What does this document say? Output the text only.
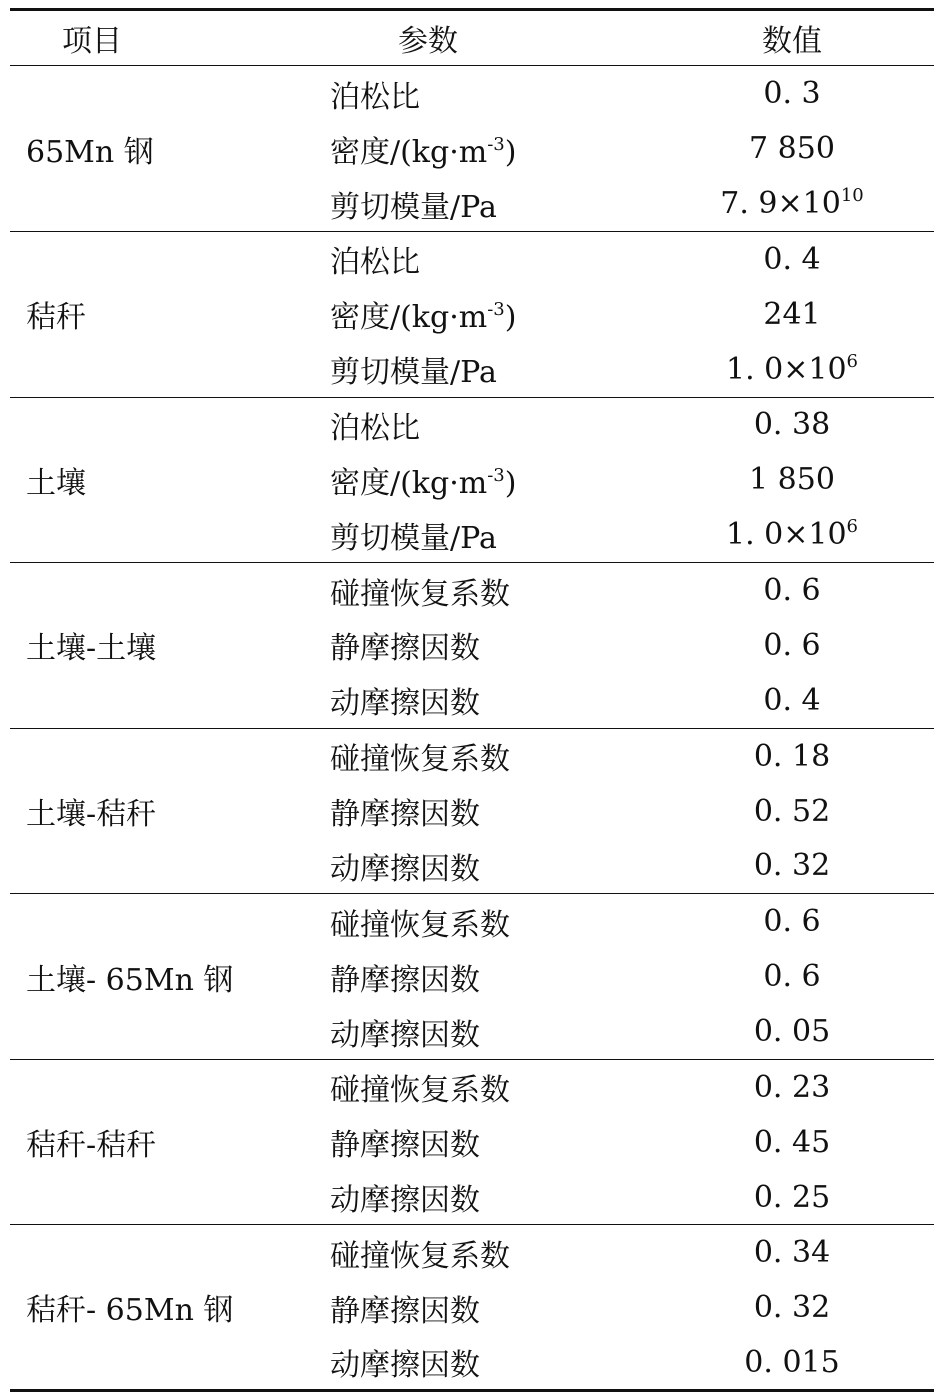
项目	参数	数值
65Mn 钢	泊松比	0. 3
	密度$/(kg\cdot m^{-3})$	7 850
	剪切模量/Pa	7. $9\times 10^{10}$
秸秆	泊松比	0. 4
	密度$/(kg\cdot m^{-3})$	241
	剪切模量/Pa	1. $0\times 10^6$
土壤	泊松比	0. 38
	密度$/(kg\cdot m^{-3})$	1 850
	剪切模量/Pa	1. $0\times 10^6$
土壤-土壤	碰撞恢复系数	0. 6
	静摩擦因数	0. 6
	动摩擦因数	0. 4
土壤-秸秆	碰撞恢复系数	0. 18
	静摩擦因数	0. 52
	动摩擦因数	0. 32
土壤- 65Mn 钢	碰撞恢复系数	0. 6
	静摩擦因数	0. 6
	动摩擦因数	0. 05
秸秆-秸秆	碰撞恢复系数	0. 23
	静摩擦因数	0. 45
	动摩擦因数	0. 25
秸秆- 65Mn 钢	碰撞恢复系数	0. 34
	静摩擦因数	0. 32
	动摩擦因数	0. 015
